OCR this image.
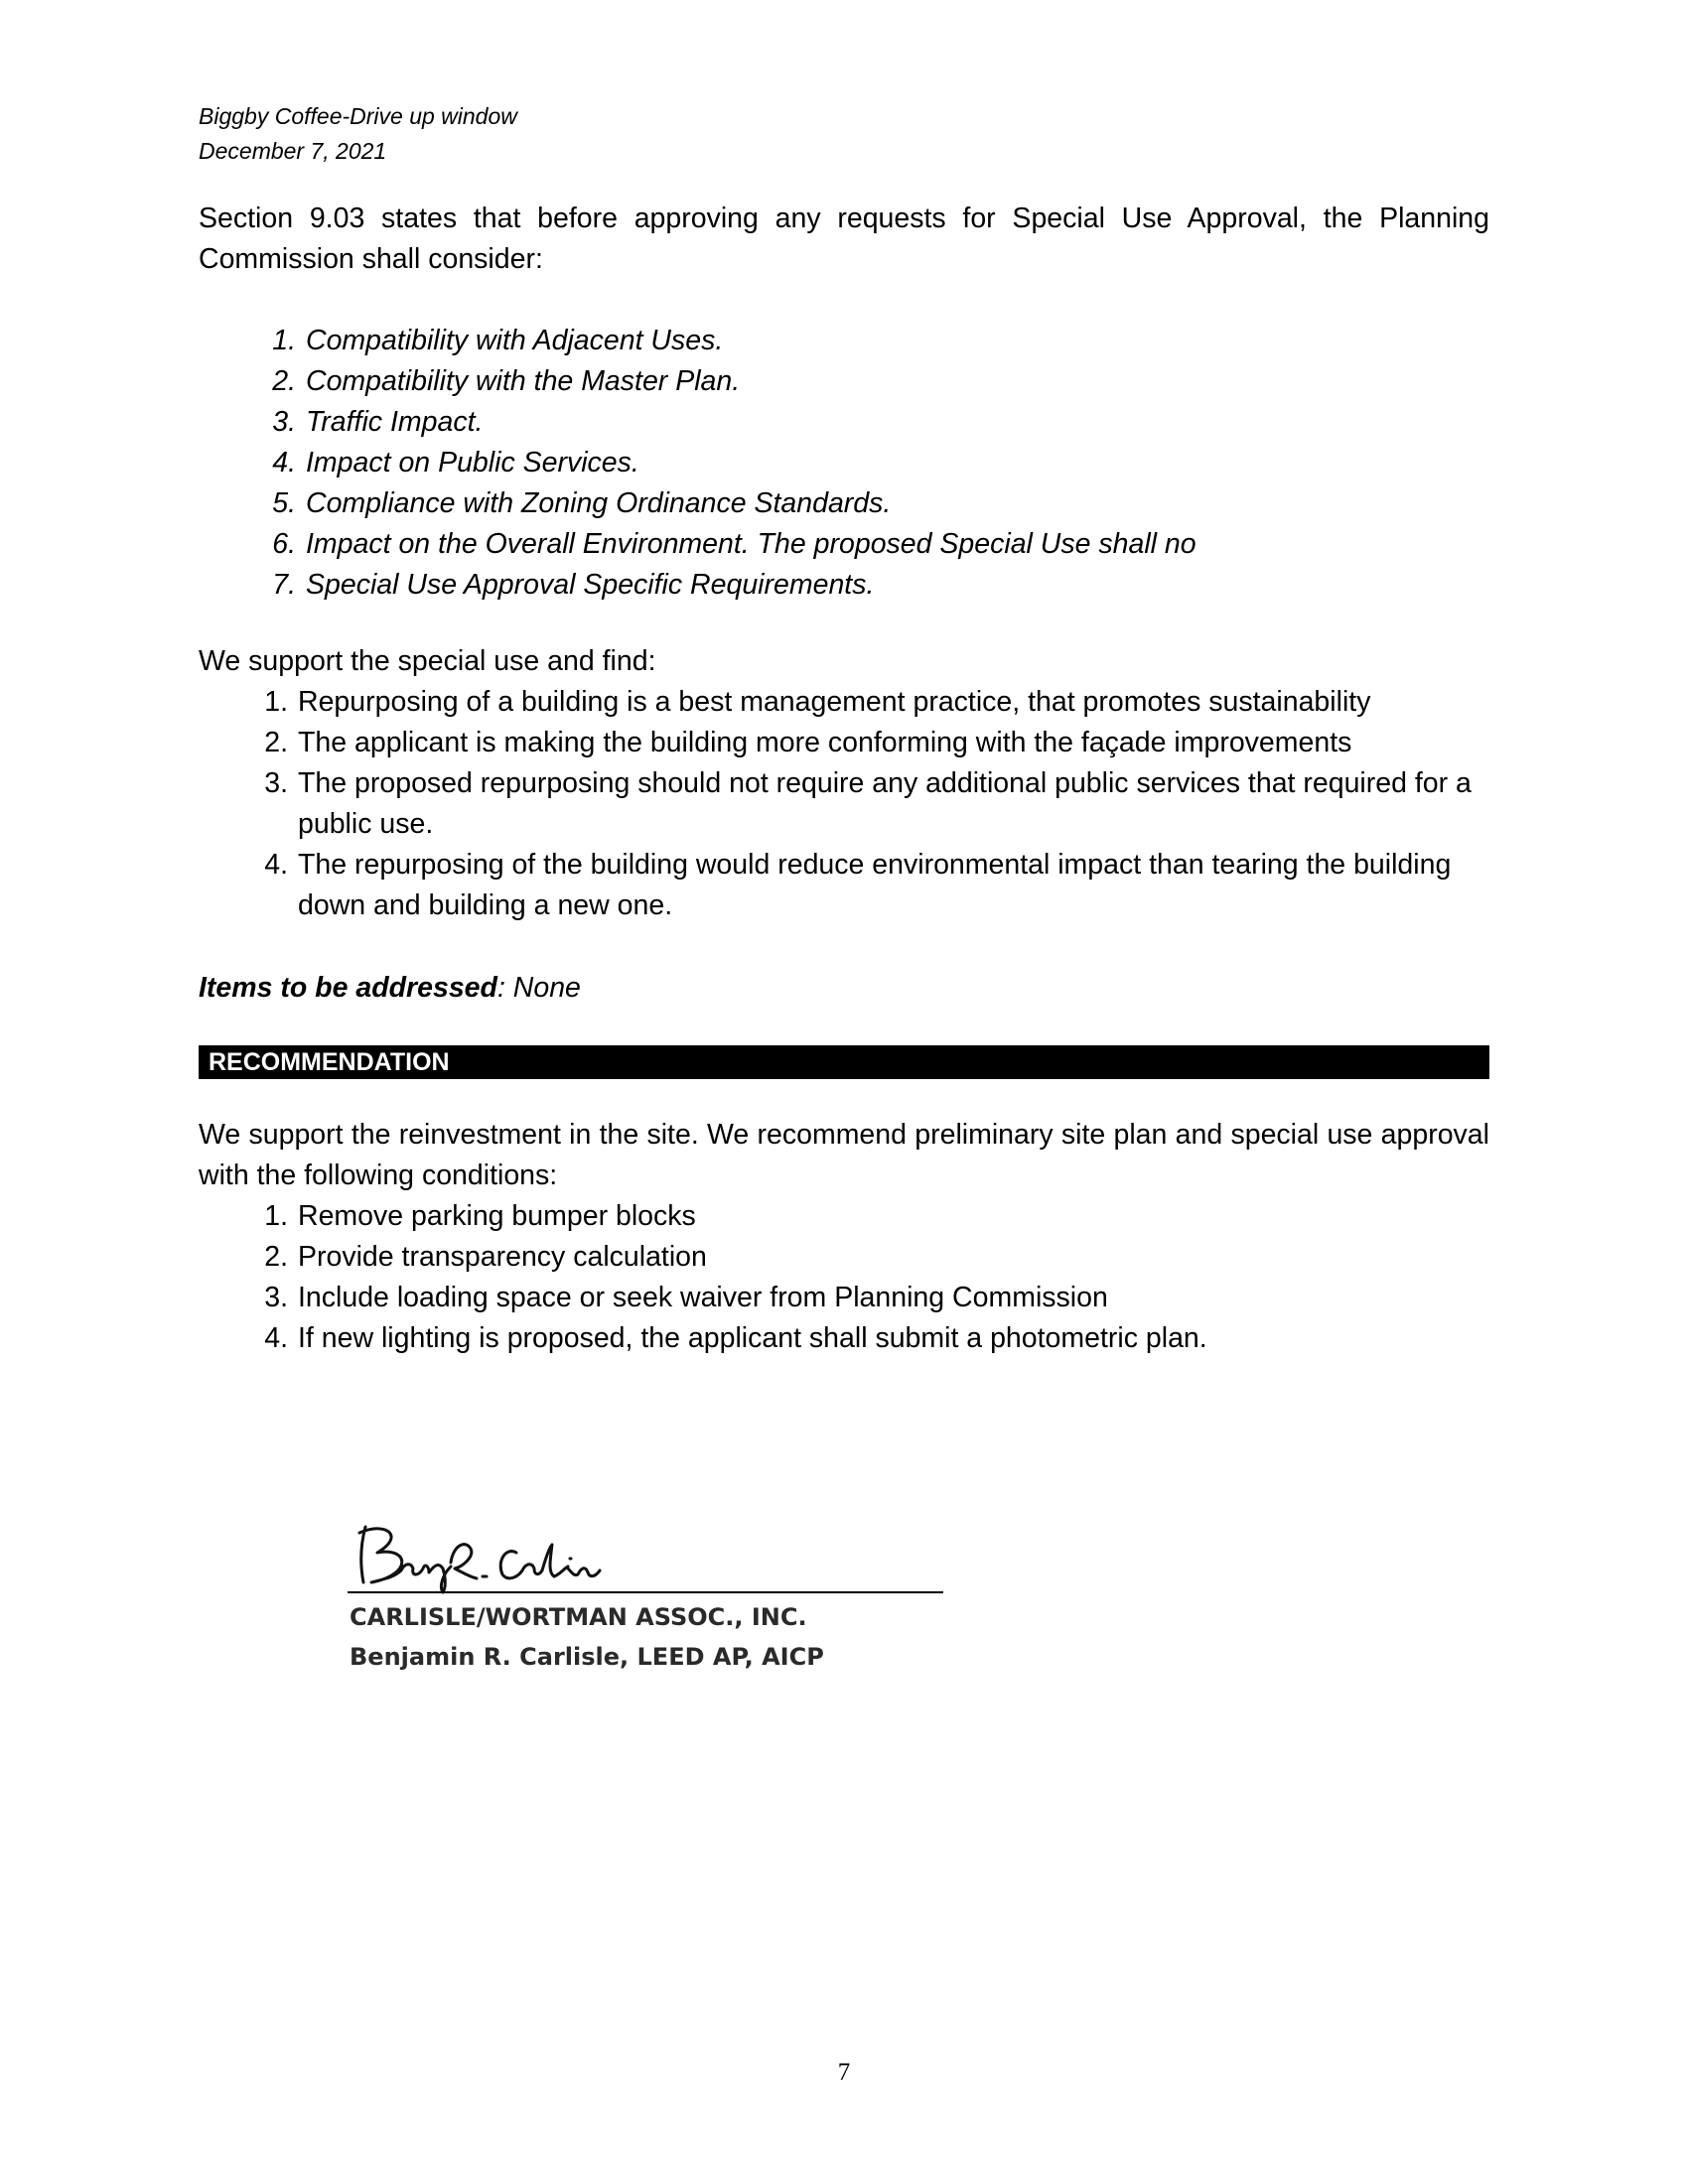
Biggby Coffee-Drive up window
December 7, 2021
Section 9.03 states that before approving any requests for Special Use Approval, the Planning Commission shall consider:
1. Compatibility with Adjacent Uses.
2. Compatibility with the Master Plan.
3. Traffic Impact.
4. Impact on Public Services.
5. Compliance with Zoning Ordinance Standards.
6. Impact on the Overall Environment. The proposed Special Use shall no
7. Special Use Approval Specific Requirements.
We support the special use and find:
1. Repurposing of a building is a best management practice, that promotes sustainability
2. The applicant is making the building more conforming with the façade improvements
3. The proposed repurposing should not require any additional public services that required for a public use.
4. The repurposing of the building would reduce environmental impact than tearing the building down and building a new one.
Items to be addressed: None
RECOMMENDATION
We support the reinvestment in the site. We recommend preliminary site plan and special use approval with the following conditions:
1. Remove parking bumper blocks
2. Provide transparency calculation
3. Include loading space or seek waiver from Planning Commission
4. If new lighting is proposed, the applicant shall submit a photometric plan.
CARLISLE/WORTMAN ASSOC., INC.
Benjamin R. Carlisle, LEED AP, AICP
7
